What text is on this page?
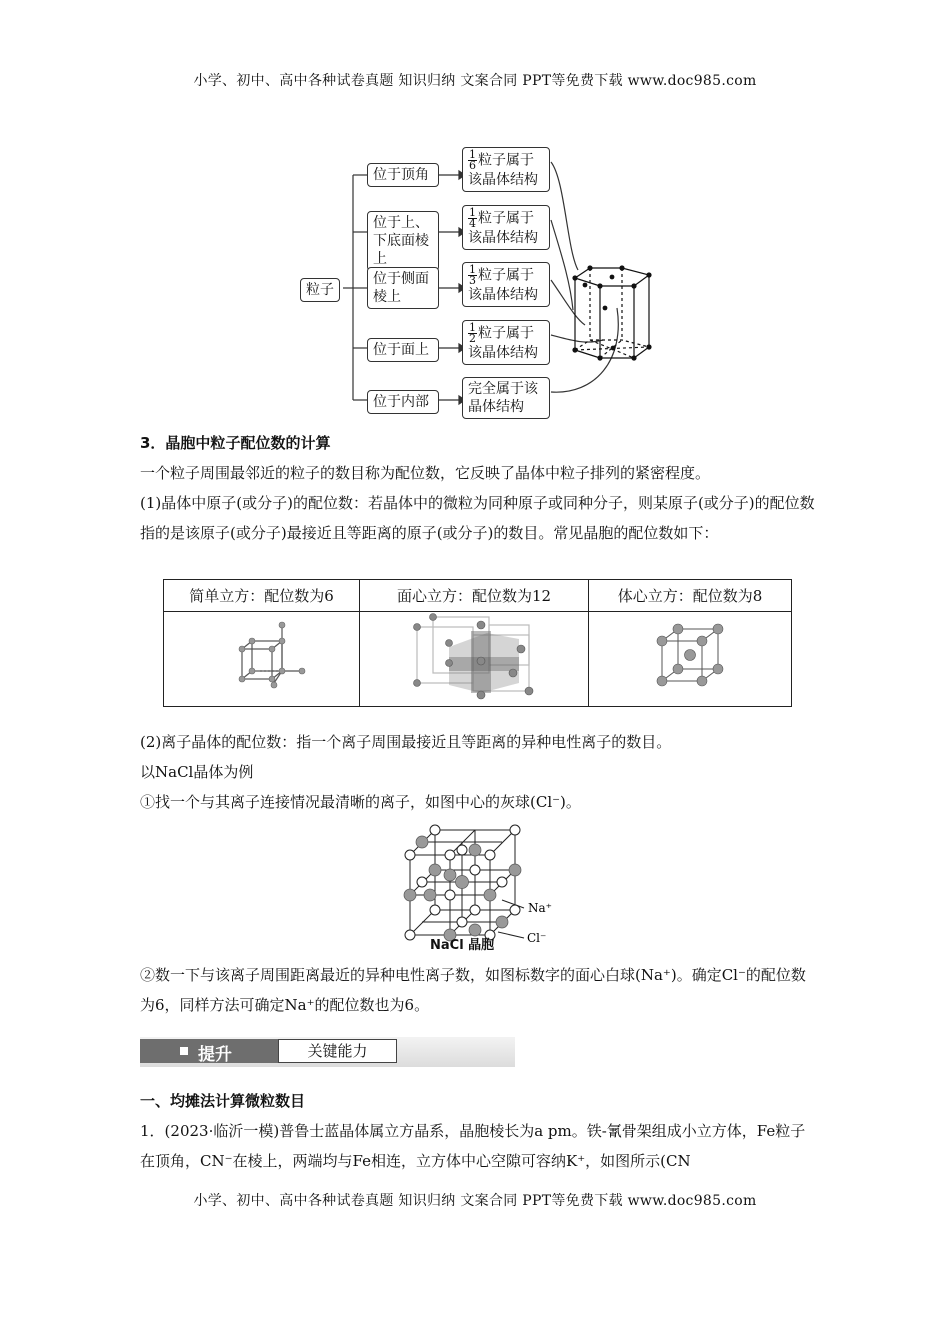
小学、初中、高中各种试卷真题 知识归纳 文案合同 PPT等免费下载 www.doc985.com
粒子
位于顶角
位于上、下底面棱上
位于侧面棱上
位于面上
位于内部
$\frac{1}{6}$ 粒子属于该晶体结构
$\frac{1}{4}$ 粒子属于该晶体结构
$\frac{1}{3}$ 粒子属于该晶体结构
$\frac{1}{2}$ 粒子属于该晶体结构
完全属于该晶体结构
3．晶胞中粒子配位数的计算
一个粒子周围最邻近的粒子的数目称为配位数，它反映了晶体中粒子排列的紧密程度。
(1)晶体中原子(或分子)的配位数：若晶体中的微粒为同种原子或同种分子，则某原子(或分子)的配位数指的是该原子(或分子)最接近且等距离的原子(或分子)的数目。常见晶胞的配位数如下：
简单立方：配位数为6	面心立方：配位数为12	体心立方：配位数为8

(2)离子晶体的配位数：指一个离子周围最接近且等距离的异种电性离子的数目。
以NaCl晶体为例
①找一个与其离子连接情况最清晰的离子，如图中心的灰球(Cl⁻)。
Na⁺
Cl⁻
NaCl 晶胞
②数一下与该离子周围距离最近的异种电性离子数，如图标数字的面心白球(Na⁺)。确定Cl⁻的配位数为6，同样方法可确定Na⁺的配位数也为6。
提升	关键能力
一、均摊法计算微粒数目
1．(2023·临沂一模)普鲁士蓝晶体属立方晶系，晶胞棱长为a pm。铁-氰骨架组成小立方体，Fe粒子在顶角，CN⁻在棱上，两端均与Fe相连，立方体中心空隙可容纳K⁺，如图所示(CN
小学、初中、高中各种试卷真题 知识归纳 文案合同 PPT等免费下载 www.doc985.com
